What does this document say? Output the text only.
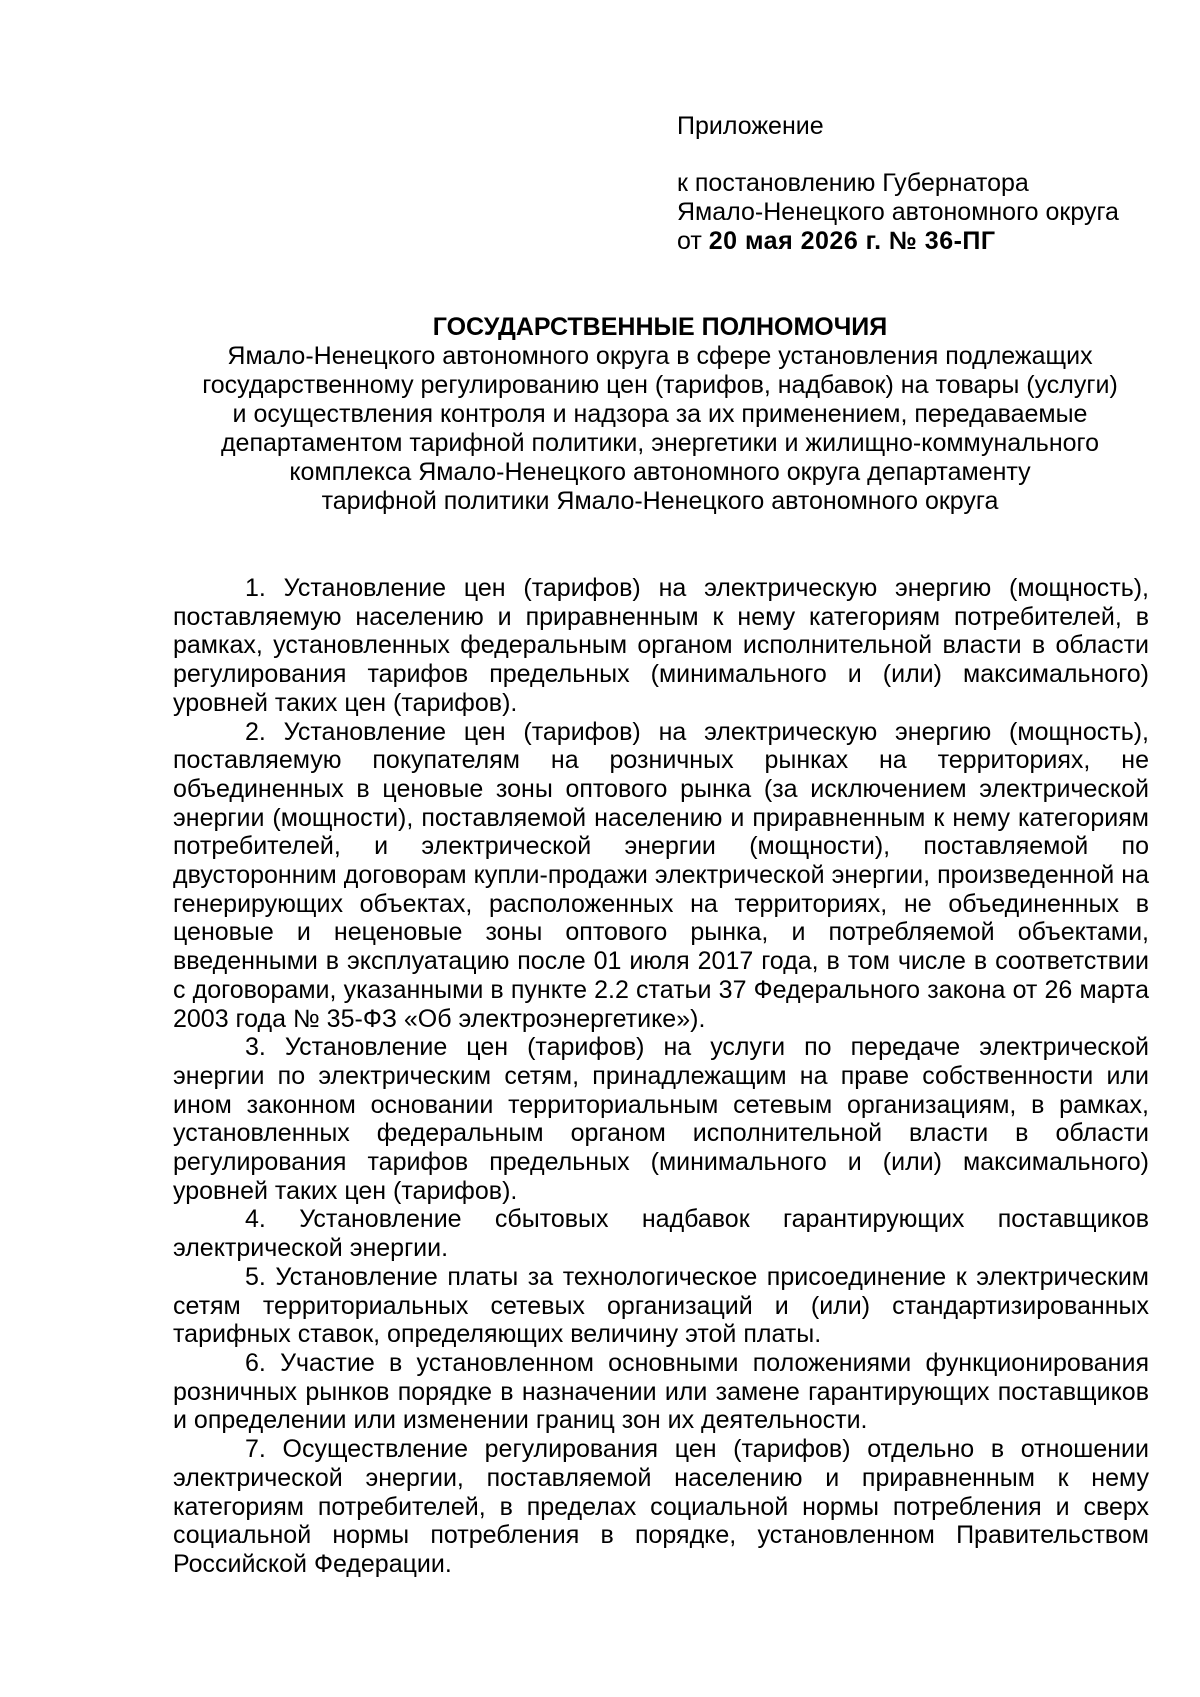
Приложение
к постановлению Губернатора
Ямало-Ненецкого автономного округа
от 20 мая 2026 г. № 36-ПГ
ГОСУДАРСТВЕННЫЕ ПОЛНОМОЧИЯ
Ямало-Ненецкого автономного округа в сфере установления подлежащих
государственному регулированию цен (тарифов, надбавок) на товары (услуги)
и осуществления контроля и надзора за их применением, передаваемые
департаментом тарифной политики, энергетики и жилищно-коммунального
комплекса Ямало-Ненецкого автономного округа департаменту
тарифной политики Ямало-Ненецкого автономного округа

1. Установление цен (тарифов) на электрическую энергию (мощность), поставляемую населению и приравненным к нему категориям потребителей, в рамках, установленных федеральным органом исполнительной власти в области регулирования тарифов предельных (минимального и (или) максимального) уровней таких цен (тарифов).

2. Установление цен (тарифов) на электрическую энергию (мощность), поставляемую покупателям на розничных рынках на территориях, не объединенных в ценовые зоны оптового рынка (за исключением электрической энергии (мощности), поставляемой населению и приравненным к нему категориям потребителей, и электрической энергии (мощности), поставляемой по двусторонним договорам купли-продажи электрической энергии, произведенной на генерирующих объектах, расположенных на территориях, не объединенных в ценовые и неценовые зоны оптового рынка, и потребляемой объектами, введенными в эксплуатацию после 01 июля 2017 года, в том числе в соответствии с договорами, указанными в пункте 2.2 статьи 37 Федерального закона от 26 марта 2003 года № 35-ФЗ «Об электроэнергетике»).

3. Установление цен (тарифов) на услуги по передаче электрической энергии по электрическим сетям, принадлежащим на праве собственности или ином законном основании территориальным сетевым организациям, в рамках, установленных федеральным органом исполнительной власти в области регулирования тарифов предельных (минимального и (или) максимального) уровней таких цен (тарифов).

4. Установление сбытовых надбавок гарантирующих поставщиков электрической энергии.

5. Установление платы за технологическое присоединение к электрическим сетям территориальных сетевых организаций и (или) стандартизированных тарифных ставок, определяющих величину этой платы.

6. Участие в установленном основными положениями функционирования розничных рынков порядке в назначении или замене гарантирующих поставщиков и определении или изменении границ зон их деятельности.

7. Осуществление регулирования цен (тарифов) отдельно в отношении электрической энергии, поставляемой населению и приравненным к нему категориям потребителей, в пределах социальной нормы потребления и сверх социальной нормы потребления в порядке, установленном Правительством Российской Федерации.
